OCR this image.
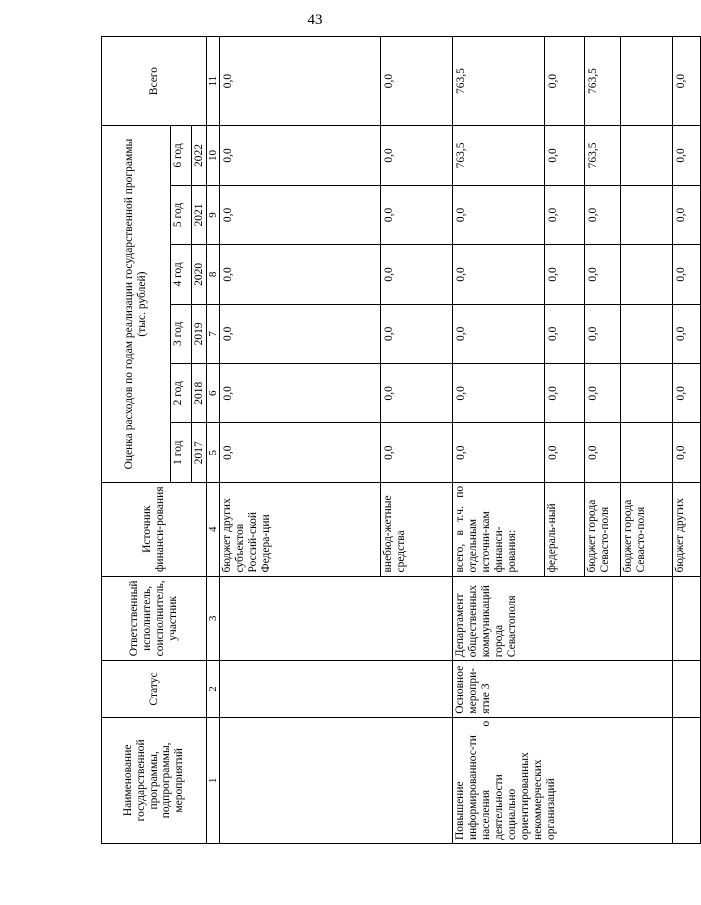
43
Наименование государственной программы, подпрограммы, мероприятий	Статус	Ответственный исполнитель, соисполнитель, участник	Источник финанси-рования	Оценка расходов по годам реализации государственной программы (тыс. рублей)						Всего
				1 год	2 год	3 год	4 год	5 год	6 год	
				2017	2018	2019	2020	2021	2022	
1	2	3	4	5	6	7	8	9	10	11
			бюджет других субъектов Россий-ской Федера-ции	0,0	0,0	0,0	0,0	0,0	0,0	0,0
			внебюд-жетные средства	0,0	0,0	0,0	0,0	0,0	0,0	0,0
Повышение информированнос-ти населения о деятельности социально ориентированных некоммерческих организаций	Основное меропри-ятие 3	Департамент общественных коммуникаций города Севастополя	всего, в т.ч. по отдельным источни-кам финанси-рования:	0,0	0,0	0,0	0,0	0,0	763,5	763,5
			федераль-ный	0,0	0,0	0,0	0,0	0,0	0,0	0,0
			бюджет города Севасто-поля	0,0	0,0	0,0	0,0	0,0	763,5	763,5
			бюджет города Севасто-поля							
			бюджет других	0,0	0,0	0,0	0,0	0,0	0,0	0,0
